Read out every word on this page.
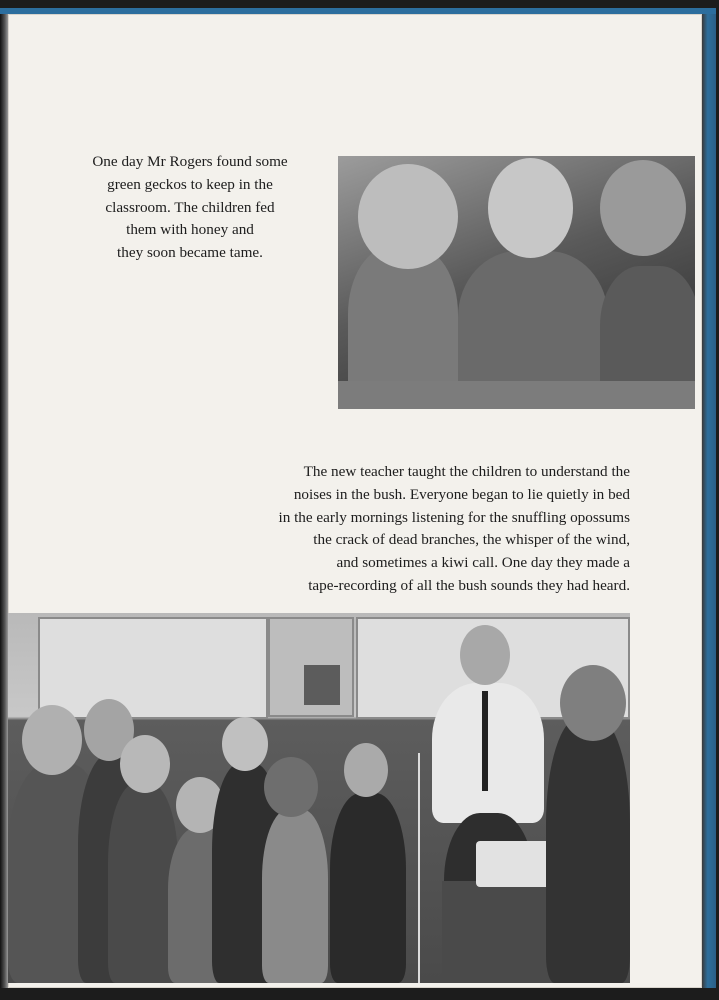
One day Mr Rogers found some
green geckos to keep in the
classroom. The children fed
them with honey and
they soon became tame.

The new teacher taught the children to understand the
noises in the bush. Everyone began to lie quietly in bed
in the early mornings listening for the snuffling opossums
the crack of dead branches, the whisper of the wind,
and sometimes a kiwi call. One day they made a
tape-recording of all the bush sounds they had heard.
